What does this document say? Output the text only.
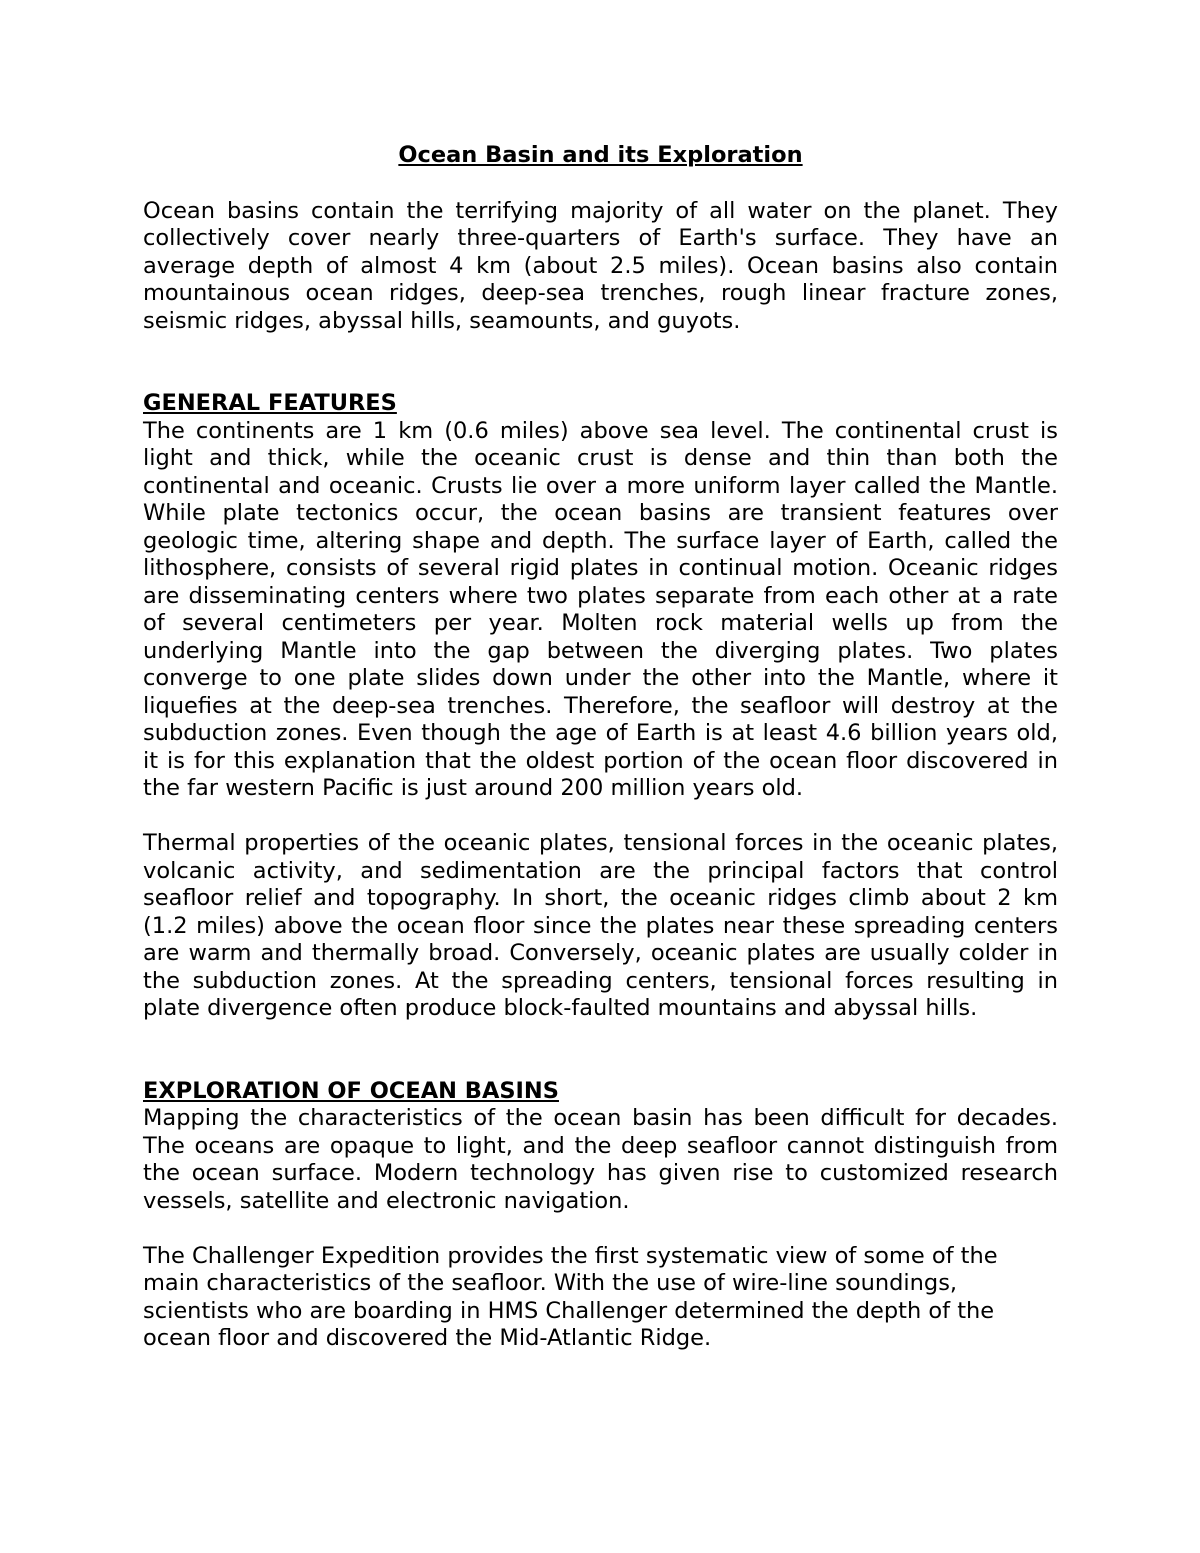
Ocean Basin and its Exploration

Ocean basins contain the terrifying majority of all water on the planet. They collectively cover nearly three-quarters of Earth's surface. They have an average depth of almost 4 km (about 2.5 miles). Ocean basins also contain mountainous ocean ridges, deep-sea trenches, rough linear fracture zones, seismic ridges, abyssal hills, seamounts, and guyots.

GENERAL FEATURES

The continents are 1 km (0.6 miles) above sea level. The continental crust is light and thick, while the oceanic crust is dense and thin than both the continental and oceanic. Crusts lie over a more uniform layer called the Mantle. While plate tectonics occur, the ocean basins are transient features over geologic time, altering shape and depth. The surface layer of Earth, called the lithosphere, consists of several rigid plates in continual motion. Oceanic ridges are disseminating centers where two plates separate from each other at a rate of several centimeters per year. Molten rock material wells up from the underlying Mantle into the gap between the diverging plates. Two plates converge to one plate slides down under the other into the Mantle, where it liquefies at the deep-sea trenches. Therefore, the seafloor will destroy at the subduction zones. Even though the age of Earth is at least 4.6 billion years old, it is for this explanation that the oldest portion of the ocean floor discovered in the far western Pacific is just around 200 million years old.

Thermal properties of the oceanic plates, tensional forces in the oceanic plates, volcanic activity, and sedimentation are the principal factors that control seafloor relief and topography. In short, the oceanic ridges climb about 2 km (1.2 miles) above the ocean floor since the plates near these spreading centers are warm and thermally broad. Conversely, oceanic plates are usually colder in the subduction zones. At the spreading centers, tensional forces resulting in plate divergence often produce block-faulted mountains and abyssal hills.

EXPLORATION OF OCEAN BASINS

Mapping the characteristics of the ocean basin has been difficult for decades. The oceans are opaque to light, and the deep seafloor cannot distinguish from the ocean surface. Modern technology has given rise to customized research vessels, satellite and electronic navigation.

The Challenger Expedition provides the first systematic view of some of the main characteristics of the seafloor. With the use of wire-line soundings, scientists who are boarding in HMS Challenger determined the depth of the ocean floor and discovered the Mid-Atlantic Ridge.
